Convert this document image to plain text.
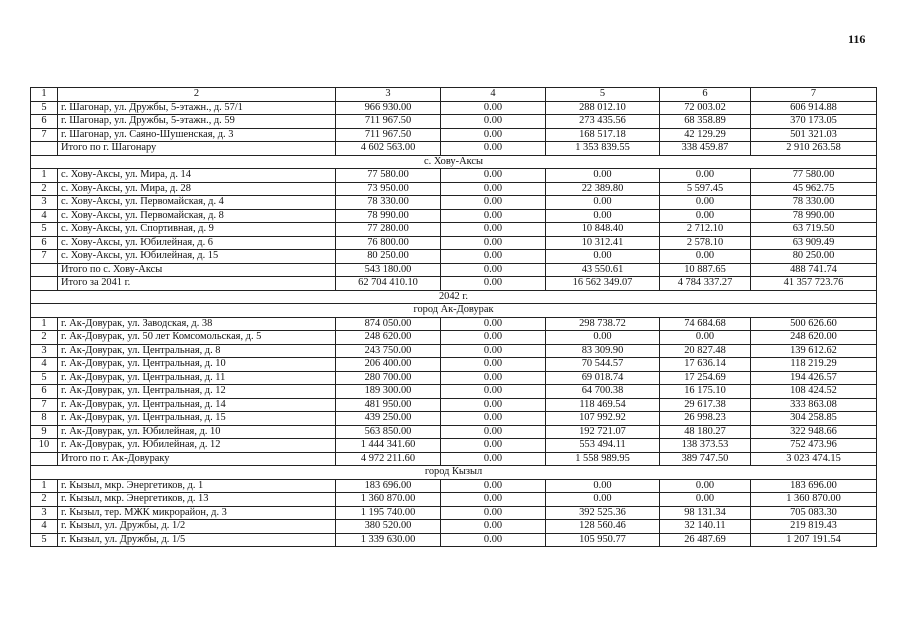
116
1	2	3	4	5	6	7
5	г. Шагонар, ул. Дружбы, 5-этажн., д. 57/1	966 930.00	0.00	288 012.10	72 003.02	606 914.88
6	г. Шагонар, ул. Дружбы, 5-этажн., д. 59	711 967.50	0.00	273 435.56	68 358.89	370 173.05
7	г. Шагонар, ул. Саяно-Шушенская, д. 3	711 967.50	0.00	168 517.18	42 129.29	501 321.03
	Итого по г. Шагонару	4 602 563.00	0.00	1 353 839.55	338 459.87	2 910 263.58
с. Хову-Аксы						
1	с. Хову-Аксы, ул. Мира, д. 14	77 580.00	0.00	0.00	0.00	77 580.00
2	с. Хову-Аксы, ул. Мира, д. 28	73 950.00	0.00	22 389.80	5 597.45	45 962.75
3	с. Хову-Аксы, ул. Первомайская, д. 4	78 330.00	0.00	0.00	0.00	78 330.00
4	с. Хову-Аксы, ул. Первомайская, д. 8	78 990.00	0.00	0.00	0.00	78 990.00
5	с. Хову-Аксы, ул. Спортивная, д. 9	77 280.00	0.00	10 848.40	2 712.10	63 719.50
6	с. Хову-Аксы, ул. Юбилейная, д. 6	76 800.00	0.00	10 312.41	2 578.10	63 909.49
7	с. Хову-Аксы, ул. Юбилейная, д. 15	80 250.00	0.00	0.00	0.00	80 250.00
	Итого по с. Хову-Аксы	543 180.00	0.00	43 550.61	10 887.65	488 741.74
	Итого за 2041 г.	62 704 410.10	0.00	16 562 349.07	4 784 337.27	41 357 723.76
2042 г.						
город Ак-Довурак						
1	г. Ак-Довурак, ул. Заводская, д. 38	874 050.00	0.00	298 738.72	74 684.68	500 626.60
2	г. Ак-Довурак, ул. 50 лет Комсомольская, д. 5	248 620.00	0.00	0.00	0.00	248 620.00
3	г. Ак-Довурак, ул. Центральная, д. 8	243 750.00	0.00	83 309.90	20 827.48	139 612.62
4	г. Ак-Довурак, ул. Центральная, д. 10	206 400.00	0.00	70 544.57	17 636.14	118 219.29
5	г. Ак-Довурак, ул. Центральная, д. 11	280 700.00	0.00	69 018.74	17 254.69	194 426.57
6	г. Ак-Довурак, ул. Центральная, д. 12	189 300.00	0.00	64 700.38	16 175.10	108 424.52
7	г. Ак-Довурак, ул. Центральная, д. 14	481 950.00	0.00	118 469.54	29 617.38	333 863.08
8	г. Ак-Довурак, ул. Центральная, д. 15	439 250.00	0.00	107 992.92	26 998.23	304 258.85
9	г. Ак-Довурак, ул. Юбилейная, д. 10	563 850.00	0.00	192 721.07	48 180.27	322 948.66
10	г. Ак-Довурак, ул. Юбилейная, д. 12	1 444 341.60	0.00	553 494.11	138 373.53	752 473.96
	Итого по г. Ак-Довураку	4 972 211.60	0.00	1 558 989.95	389 747.50	3 023 474.15
город Кызыл						
1	г. Кызыл, мкр. Энергетиков, д. 1	183 696.00	0.00	0.00	0.00	183 696.00
2	г. Кызыл, мкр. Энергетиков, д. 13	1 360 870.00	0.00	0.00	0.00	1 360 870.00
3	г. Кызыл, тер. МЖК микрорайон, д. 3	1 195 740.00	0.00	392 525.36	98 131.34	705 083.30
4	г. Кызыл, ул. Дружбы, д. 1/2	380 520.00	0.00	128 560.46	32 140.11	219 819.43
5	г. Кызыл, ул. Дружбы, д. 1/5	1 339 630.00	0.00	105 950.77	26 487.69	1 207 191.54
